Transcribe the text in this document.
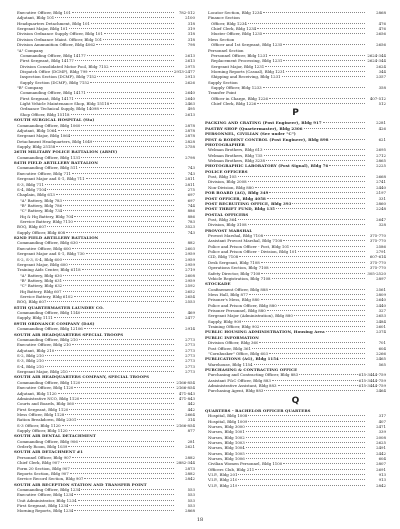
Executive Officer, Bldg 101	782-512
Adjutant, Bldg 101	2100
Headquarters Detachment, Bldg 101	318
Sergeant Major, Bldg 101	319
Division Ordnance Supply Officer, Bldg 101	318
Division Ordnance Maint. Officer, Bldg 101	318
Division Ammunition Officer, Bldg 4062	798
"A" Company
Commanding Officer, Bldg 14177	2613
First Sergeant, Bldg 14177	2613
Division Consolidated Motor Pool, Bldg 7152	2975
Dispatch Office (DCMP), Bldg 799	2913-2477
Inspection Section (DCMP), Bldg 7152	2913
Supply Section (DCMP), Bldg 7152	2626
"B" Company
Commanding Officer, Bldg 14171	2640
First Sergeant, Bldg 14171	2640
Light Vehicle Maintenance Shop, Bldg 15118	2463
Ordnance Technical Supply, Bldg 14098	495
Shop Officer, Bldg 15118	2613
SOUTH SURGICAL HOSPITAL (Sta)
Commanding Officer, Bldg 1060	2878
Adjutant, Bldg 1064	2878
Sergeant Major, Bldg 1064	2878
Detachment Headquarters, Bldg 1049	2828
Supply, Bldg 25158	2758
26TH MILITARY POLICE BATTALION (ARMY)
Commanding Officer, Bldg 1131	2798
84TH FIELD ARTILLERY BATTALION
Commanding Officer, Bldg 511	743
Executive Officer, Bldg 711	743
Sergeant Major and S-1, Bldg 711	2811
S-3, Bldg 711	2811
S-4, Bldg 7104	275
Chaplain, Bldg 613	697
"A" Battery, Bldg 783	697
"B" Battery, Bldg 786	744
"C" Battery, Bldg 734	886
Hq & Hq Battery, Bldg 704	886
Service Battery, Bldg 7110	783
BOQ, Bldg 607	3523
Supply Officer, Bldg 608	743
82ND FIELD ARTILLERY BATTALION
Commanding Officer, Bldg 630	882
Executive Officer, Bldg 600	2603
Sergeant Major and S-1, Bldg 730	2959
S-2, S-3, S-4, Bldg 600	2959
Sergeant Major, Bldg 600	2959
Training Aids Center, Bldg 6118	2719
"A" Battery, Bldg 630	2608
"B" Battery, Bldg 631	2959
"C" Battery, Bldg 632	2592
Hq Battery, Bldg 607	2652
Service Battery, Bldg 6102	2654
BOQ, Bldg 607	2553
85TH QUARTERMASTER LAUNDRY CO.
Commanding Officer, Bldg 1140	469
Supply, Bldg 1111	2477
89TH ORDNANCE COMPANY (DAS)
Commanding Officer, Bldg 12106	2914
SOUTH AIR HEADQUARTERS SPECIAL TROOPS
Commanding Officer, Bldg 210	2773
Executive Officer, Bldg 210	2773
Adjutant, Bldg 210	2773
S-2, Bldg 210	2773
S-3, Bldg 210	2773
S-4, Bldg 210	2773
Sergeant Major, Bldg 210	2773
SOUTH AIR HEADQUARTERS COMPANY, SPECIAL TROOPS
Commanding Officer, Bldg 1120	2166-854
Executive Officer, Bldg 1120	2166-854
Adjutant, Bldg 1120	471-843
Administrative NCO, Bldg 1120	471-843
Courts and Boards, Bldg 560	442
First Sergeant, Bldg 1120	442
Mess Officer, Bldg 1128	2664
Ration Breakdown, Bldg 2301	314
S-3 Officer, Bldg 1120	2166-854
Supply Officer, Bldg 1120	877
SOUTH AIR DENTAL DETACHMENT
Commanding Officer, Bldg 906	281
Orderly Room, Bldg 1039	2621
SOUTH AIR DETACHMENT #1
Personnel Officer, Bldg 907	2882
Chief Clerk, Bldg 907	2882-344
Form 20 Section, Bldg 907	2873
Reports Section, Bldg 907	2882
Service Record Section, Bldg 907	2842
SOUTH AIR RECEPTION STATION AND TRANSFER POINT
Commanding Officer, Bldg 1234	553
Executive Officer, Bldg 1234	553
Unit Administrator, Bldg 1234	553
First Sergeant, Bldg 1234	553
Morning Reports, Bldg 1234	2868
Locator Section, Bldg 1234	2868
Finance Section
Officer, Bldg 1234	476
Chief Clerk, Bldg 1234	476
Muster Officer, Bldg 1235	2656
Mess Section
Officer and 1st Sergeant, Bldg 1235	2656
Personnel Section
Personnel Officer, Bldg 1231	2624-344
Replacement Processing, Bldg 1231	2624-344
Sergeant Major, Bldg 1231	2624
Morning Reports (Casual), Bldg 1231	344
Shipping and Receiving, Bldg 1231	2357
Supply Section
Supply Officer, Bldg 1233	358
Transfer Point
Officer in Charge, Bldg 1226	407-512
Chief Clerk, Bldg 1226	512
P
PACKING AND CRATING (Post Engineer), Bldg 917	2281
PASTRY SHOP (Quartermaster), Bldg 2306	426
PERSONNEL, CIVILIAN (See under "C")
PEST & RODENT CONTROL (Post Engineer), Bldg 898	621
PHOTOGRAPHER
Welman Brothers, Bldg 613	2695
Welman Brothers, Bldg 735	2712
Welman Brothers, Bldg 3238	2865
PHOTOGRAPHIC LABORATORY (Post Signal), Bldg 76	2225
POLICE OFFICERS
Post, Bldg 105	2668
Division, Bldg 2008	2741
Non-Division, Bldg 880	2440
POR BOARD (AG), Bldg 349	2197
POST OFFICER, Bldg 4058	331
POST RECRUITING OFFICE, Bldg 393	2860
POST THRIFT FUND, Bldg 135	2248
POSTAL OFFICERS
Post, Bldg 364	2647
Division, Bldg 3108	328
PROVOST MARSHAL
Provost Marshal, Bldg 7108	375-770
Assistant Provost Marshal, Bldg 7108	375-770
Police and Prison Officer - Post, Bldg 101	2586
Police and Prison Officer - Division, Bldg 101	2791
CID, Bldg 7108	607-614
Desk Sergeant, Bldg 7108	375-770
Operations Section, Bldg 7108	375-770
Safety Director, Bldg 7108	305-2520
Vehicle Registration, Bldg 7108	2897
STOCKADE
Confinement Officer, Bldg 888	2561
Mess Hall, Bldg 877	2809
Prisoner's Mess, Bldg 880	2640
Police and Prison Officer, Bldg 880	2440
Prisoner Personnel, Bldg 880	327
Sergeant Major (Administration), Bldg 880	2653
Supply, Bldg 909	2484
Training Officer, Bldg 902	2601
PUBLIC HOUSING ADMINISTRATION, Housing Area	2374
PUBLIC INFORMATION
Division Officer, Bldg 360	701
Post Officer, Bldg 361	604
"Cornhusker" Office, Bldg 603	2266
PUBLICATIONS (AG), Bldg 1154	2465
Warehouse, Bldg 1154	565
PURCHASING & CONTRACTING OFFICE
Purchasing and Contracting Officer, Bldg 883	615-3444-759
Assistant P&C Officer, Bldg 883	615-3444-759
Administrative Assistant, Bldg 883	615-3444-759
Purchasing Agent, Bldg 883	2464
Q
QUARTERS - BACHELOR OFFICER QUARTERS
Hospital, Bldg 1008	317
Hospital, Bldg 1009	407
Nurses, Bldg 3000	2471
Nurses, Bldg 1001	339
Nurses, Bldg 1002	2008
Nurses, Bldg 1003	2625
Nurses, Bldg 1004	2491
Nurses, Bldg 1005	2442
Nurses, Bldg 1006	604
Civilian Women Personnel, Bldg 1100	2807
Officers Club, Bldg 211	2691
V.I.P., Bldg 201	913
V.I.P., Bldg 210	913
V.I.P., Bldg 219	2842
18
